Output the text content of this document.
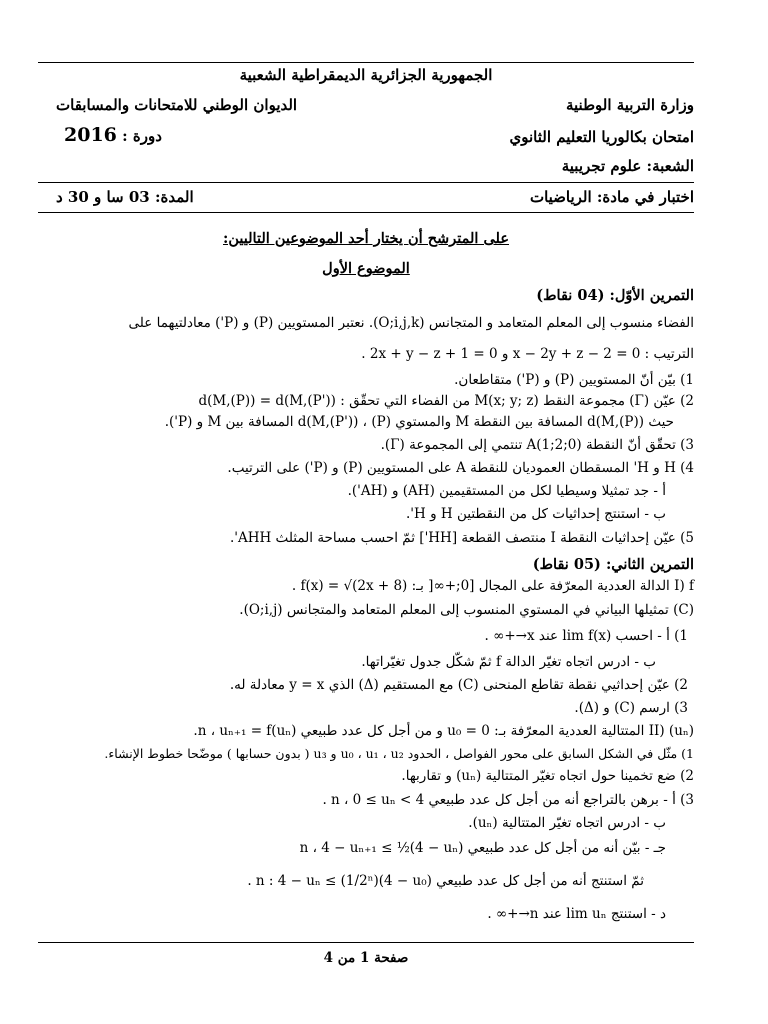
الجمهورية الجزائرية الديمقراطية الشعبية
وزارة التربية الوطنية
الديوان الوطني للامتحانات والمسابقات
امتحان بكالوريا التعليم الثانوي
دورة : 2016
الشعبة: علوم تجريبية
اختبار في مادة: الرياضيات
المدة: 03 سا و 30 د
على المترشح أن يختار أحد الموضوعين التاليين:
الموضوع الأول
التمرين الأوّل: (04 نقاط)
الفضاء منسوب إلى المعلم المتعامد و المتجانس (O;i,j,k). نعتبر المستويين (P) و (P') معادلتيهما على
الترتيب : x − 2y + z − 2 = 0 و 2x + y − z + 1 = 0 .
1) بيّن أنّ المستويين (P) و (P') متقاطعان.
2) عيّن (Γ) مجموعة النقط M(x; y; z) من الفضاء التي تحقّق : d(M,(P)) = d(M,(P'))
حيث d(M,(P)) المسافة بين النقطة M والمستوي (P) ، d(M,(P')) المسافة بين M و (P').
3) تحقّق أنّ النقطة A(1;2;0) تنتمي إلى المجموعة (Γ).
4) H و H' المسقطان العموديان للنقطة A على المستويين (P) و (P') على الترتيب.
أ - جد تمثيلا وسيطيا لكل من المستقيمين (AH) و (AH').
ب - استنتج إحداثيات كل من النقطتين H و H'.
5) عيّن إحداثيات النقطة I منتصف القطعة [HH'] ثمّ احسب مساحة المثلث AHH'.
التمرين الثاني: (05 نقاط)
I) f الدالة العددية المعرّفة على المجال [0;+∞[ بـ: f(x) = √(2x + 8) .
(C) تمثيلها البياني في المستوي المنسوب إلى المعلم المتعامد والمتجانس (O;i,j).
1) أ - احسب lim f(x) عند x→+∞ .
ب - ادرس اتجاه تغيّر الدالة f ثمّ شكّل جدول تغيّراتها.
2) عيّن إحداثيي نقطة تقاطع المنحنى (C) مع المستقيم (Δ) الذي y = x معادلة له.
3) ارسم (C) و (Δ).
II) (uₙ) المتتالية العددية المعرّفة بـ: u₀ = 0 و من أجل كل عدد طبيعي n ، uₙ₊₁ = f(uₙ).
1) مثّل في الشكل السابق على محور الفواصل ، الحدود u₀ ، u₁ ، u₂ و u₃ ( بدون حسابها ) موضّحا خطوط الإنشاء.
2) ضع تخمينا حول اتجاه تغيّر المتتالية (uₙ) و تقاربها.
3) أ - برهن بالتراجع أنه من أجل كل عدد طبيعي n ، 0 ≤ uₙ < 4 .
ب - ادرس اتجاه تغيّر المتتالية (uₙ).
جـ - بيّن أنه من أجل كل عدد طبيعي n ، 4 − uₙ₊₁ ≤ ½(4 − uₙ)
ثمّ استنتج أنه من أجل كل عدد طبيعي n : 4 − uₙ ≤ (1/2ⁿ)(4 − u₀) .
د - استنتج lim uₙ عند n→+∞ .
صفحة 1 من 4
